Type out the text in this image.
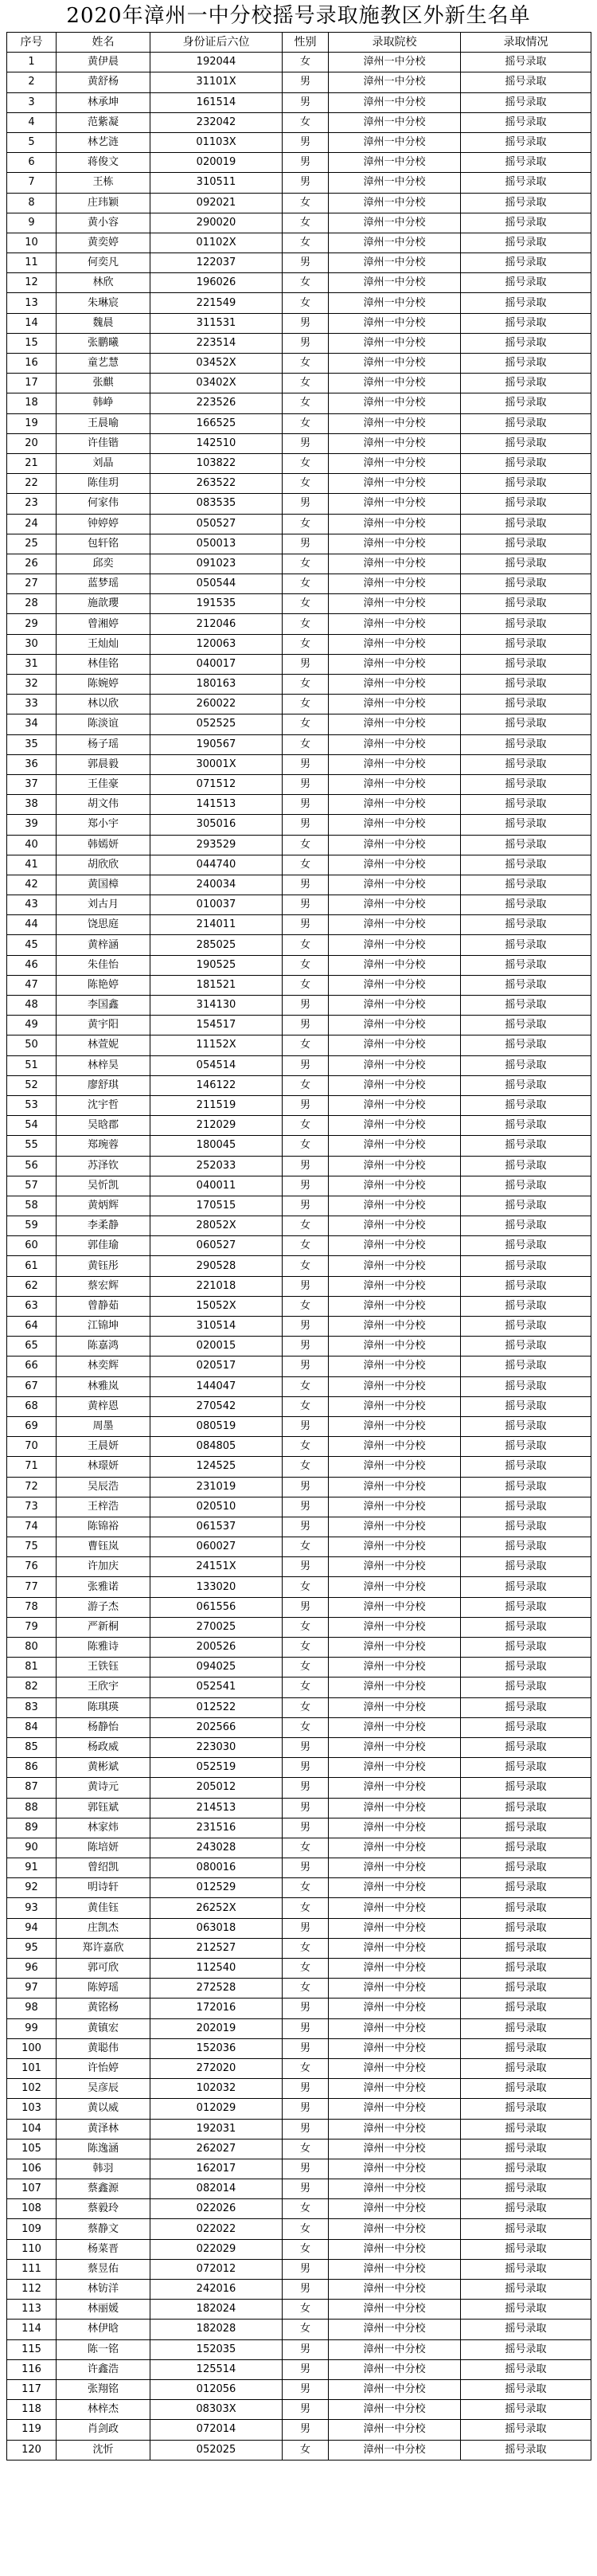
2020年漳州一中分校摇号录取施教区外新生名单
序号	姓名	身份证后六位	性别	录取院校	录取情况
1	黄伊晨	192044	女	漳州一中分校	摇号录取
2	黄舒杨	31101X	男	漳州一中分校	摇号录取
3	林承坤	161514	男	漳州一中分校	摇号录取
4	范紫凝	232042	女	漳州一中分校	摇号录取
5	林艺涟	01103X	男	漳州一中分校	摇号录取
6	蒋俊文	020019	男	漳州一中分校	摇号录取
7	王栋	310511	男	漳州一中分校	摇号录取
8	庄玮颖	092021	女	漳州一中分校	摇号录取
9	黄小容	290020	女	漳州一中分校	摇号录取
10	黄奕婷	01102X	女	漳州一中分校	摇号录取
11	何奕凡	122037	男	漳州一中分校	摇号录取
12	林欣	196026	女	漳州一中分校	摇号录取
13	朱琳宸	221549	女	漳州一中分校	摇号录取
14	魏晨	311531	男	漳州一中分校	摇号录取
15	张鹏曦	223514	男	漳州一中分校	摇号录取
16	童艺慧	03452X	女	漳州一中分校	摇号录取
17	张麒	03402X	女	漳州一中分校	摇号录取
18	韩峥	223526	女	漳州一中分校	摇号录取
19	王晨喻	166525	女	漳州一中分校	摇号录取
20	许佳锴	142510	男	漳州一中分校	摇号录取
21	刘晶	103822	女	漳州一中分校	摇号录取
22	陈佳玥	263522	女	漳州一中分校	摇号录取
23	何家伟	083535	男	漳州一中分校	摇号录取
24	钟婷婷	050527	女	漳州一中分校	摇号录取
25	包轩铭	050013	男	漳州一中分校	摇号录取
26	邱奕	091023	女	漳州一中分校	摇号录取
27	蓝梦瑶	050544	女	漳州一中分校	摇号录取
28	施歆瓔	191535	女	漳州一中分校	摇号录取
29	曾湘婷	212046	女	漳州一中分校	摇号录取
30	王灿灿	120063	女	漳州一中分校	摇号录取
31	林佳铭	040017	男	漳州一中分校	摇号录取
32	陈婉婷	180163	女	漳州一中分校	摇号录取
33	林以欣	260022	女	漳州一中分校	摇号录取
34	陈淡谊	052525	女	漳州一中分校	摇号录取
35	杨子瑶	190567	女	漳州一中分校	摇号录取
36	郭晨毅	30001X	男	漳州一中分校	摇号录取
37	王佳豪	071512	男	漳州一中分校	摇号录取
38	胡文伟	141513	男	漳州一中分校	摇号录取
39	郑小宇	305016	男	漳州一中分校	摇号录取
40	韩嫣妍	293529	女	漳州一中分校	摇号录取
41	胡欣欣	044740	女	漳州一中分校	摇号录取
42	黄国樟	240034	男	漳州一中分校	摇号录取
43	刘古月	010037	男	漳州一中分校	摇号录取
44	饶思庭	214011	男	漳州一中分校	摇号录取
45	黄梓涵	285025	女	漳州一中分校	摇号录取
46	朱佳怡	190525	女	漳州一中分校	摇号录取
47	陈艳婷	181521	女	漳州一中分校	摇号录取
48	李国鑫	314130	男	漳州一中分校	摇号录取
49	黄宇阳	154517	男	漳州一中分校	摇号录取
50	林萱妮	11152X	女	漳州一中分校	摇号录取
51	林梓昊	054514	男	漳州一中分校	摇号录取
52	廖舒琪	146122	女	漳州一中分校	摇号录取
53	沈宇哲	211519	男	漳州一中分校	摇号录取
54	吴晗郡	212029	女	漳州一中分校	摇号录取
55	郑琬蓉	180045	女	漳州一中分校	摇号录取
56	苏泽钦	252033	男	漳州一中分校	摇号录取
57	吴忻凯	040011	男	漳州一中分校	摇号录取
58	黄炳辉	170515	男	漳州一中分校	摇号录取
59	李柔静	28052X	女	漳州一中分校	摇号录取
60	郭佳瑜	060527	女	漳州一中分校	摇号录取
61	黄钰彤	290528	女	漳州一中分校	摇号录取
62	蔡宏辉	221018	男	漳州一中分校	摇号录取
63	曾静茹	15052X	女	漳州一中分校	摇号录取
64	江锦坤	310514	男	漳州一中分校	摇号录取
65	陈嘉鸿	020015	男	漳州一中分校	摇号录取
66	林奕辉	020517	男	漳州一中分校	摇号录取
67	林雅岚	144047	女	漳州一中分校	摇号录取
68	黄梓恩	270542	女	漳州一中分校	摇号录取
69	周墨	080519	男	漳州一中分校	摇号录取
70	王晨妍	084805	女	漳州一中分校	摇号录取
71	林璟妍	124525	女	漳州一中分校	摇号录取
72	吴辰浩	231019	男	漳州一中分校	摇号录取
73	王梓浩	020510	男	漳州一中分校	摇号录取
74	陈锦裕	061537	男	漳州一中分校	摇号录取
75	曹钰岚	060027	女	漳州一中分校	摇号录取
76	许加庆	24151X	男	漳州一中分校	摇号录取
77	张雅诺	133020	女	漳州一中分校	摇号录取
78	游子杰	061556	男	漳州一中分校	摇号录取
79	严新桐	270025	女	漳州一中分校	摇号录取
80	陈雅诗	200526	女	漳州一中分校	摇号录取
81	王铁钰	094025	女	漳州一中分校	摇号录取
82	王欣宇	052541	女	漳州一中分校	摇号录取
83	陈琪瑛	012522	女	漳州一中分校	摇号录取
84	杨静怡	202566	女	漳州一中分校	摇号录取
85	杨政威	223030	男	漳州一中分校	摇号录取
86	黄彬斌	052519	男	漳州一中分校	摇号录取
87	黄诗元	205012	男	漳州一中分校	摇号录取
88	郭钰斌	214513	男	漳州一中分校	摇号录取
89	林家炜	231516	男	漳州一中分校	摇号录取
90	陈培妍	243028	女	漳州一中分校	摇号录取
91	曾绍凯	080016	男	漳州一中分校	摇号录取
92	明诗轩	012529	女	漳州一中分校	摇号录取
93	黄佳钰	26252X	女	漳州一中分校	摇号录取
94	庄凯杰	063018	男	漳州一中分校	摇号录取
95	郑许嘉欣	212527	女	漳州一中分校	摇号录取
96	郭可欣	112540	女	漳州一中分校	摇号录取
97	陈婷瑶	272528	女	漳州一中分校	摇号录取
98	黄铭杨	172016	男	漳州一中分校	摇号录取
99	黄镇宏	202019	男	漳州一中分校	摇号录取
100	黄聪伟	152036	男	漳州一中分校	摇号录取
101	许怡婷	272020	女	漳州一中分校	摇号录取
102	吴彦辰	102032	男	漳州一中分校	摇号录取
103	黄以威	012029	男	漳州一中分校	摇号录取
104	黄泽林	192031	男	漳州一中分校	摇号录取
105	陈逸涵	262027	女	漳州一中分校	摇号录取
106	韩羽	162017	男	漳州一中分校	摇号录取
107	蔡鑫源	082014	男	漳州一中分校	摇号录取
108	蔡毅玲	022026	女	漳州一中分校	摇号录取
109	蔡静文	022022	女	漳州一中分校	摇号录取
110	杨菜晋	022029	女	漳州一中分校	摇号录取
111	蔡昱佑	072012	男	漳州一中分校	摇号录取
112	林钫洋	242016	男	漳州一中分校	摇号录取
113	林丽媛	182024	女	漳州一中分校	摇号录取
114	林伊晗	182028	女	漳州一中分校	摇号录取
115	陈一铭	152035	男	漳州一中分校	摇号录取
116	许鑫浩	125514	男	漳州一中分校	摇号录取
117	张翔铭	012056	男	漳州一中分校	摇号录取
118	林梓杰	08303X	男	漳州一中分校	摇号录取
119	肖剑政	072014	男	漳州一中分校	摇号录取
120	沈忻	052025	女	漳州一中分校	摇号录取
